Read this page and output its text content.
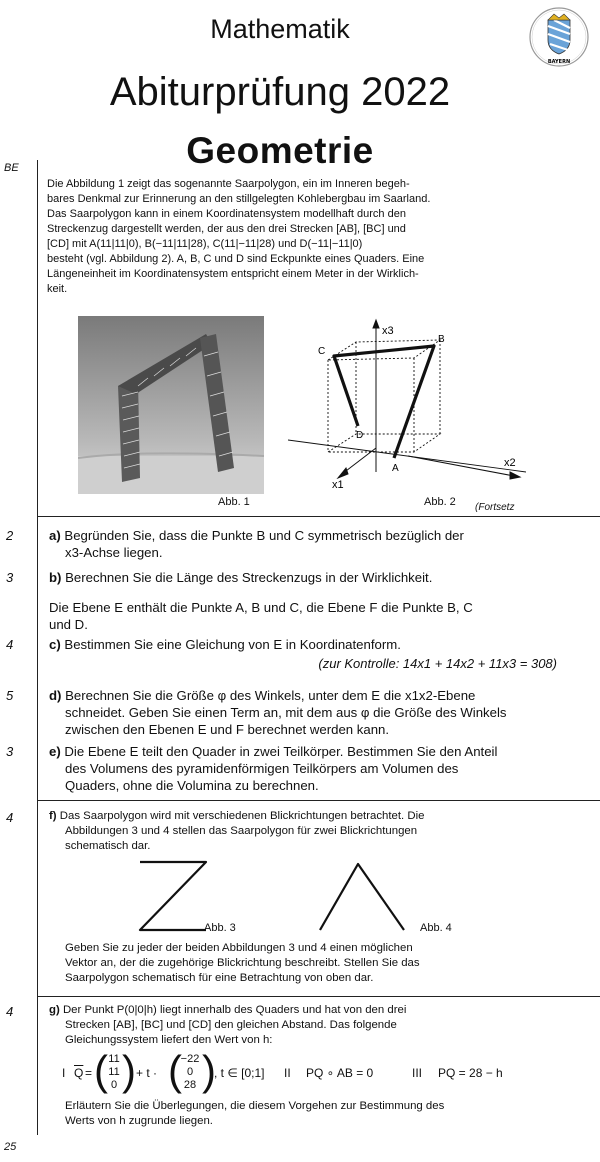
Mathematik
Abiturprüfung 2022
Geometrie
BAYERN
BE
Die Abbildung 1 zeigt das sogenannte Saarpolygon, ein im Inneren begeh-
bares Denkmal zur Erinnerung an den stillgelegten Kohlebergbau im Saarland.
Das Saarpolygon kann in einem Koordinatensystem modellhaft durch den
Streckenzug dargestellt werden, der aus den drei Strecken [AB], [BC] und
[CD] mit A(11|11|0), B(−11|11|28), C(11|−11|28) und D(−11|−11|0)
besteht (vgl. Abbildung 2). A, B, C und D sind Eckpunkte eines Quaders. Eine
Längeneinheit im Koordinatensystem entspricht einem Meter in der Wirklich-
keit.
Abb. 1
x3
B
C
D
A	x2
x1
Abb. 2 (Fortsetz
2	a) Begründen Sie, dass die Punkte B und C symmetrisch bezüglich der
x3-Achse liegen.
3	b) Berechnen Sie die Länge des Streckenzugs in der Wirklichkeit.
Die Ebene E enthält die Punkte A, B und C, die Ebene F die Punkte B, C
und D.
4	c) Bestimmen Sie eine Gleichung von E in Koordinatenform.
(zur Kontrolle: 14x1 + 14x2 + 11x3 = 308)
5	d) Berechnen Sie die Größe φ des Winkels, unter dem E die x1x2-Ebene
schneidet. Geben Sie einen Term an, mit dem aus φ die Größe des Winkels
zwischen den Ebenen E und F berechnet werden kann.
3	e) Die Ebene E teilt den Quader in zwei Teilkörper. Bestimmen Sie den Anteil
des Volumens des pyramidenförmigen Teilkörpers am Volumen des
Quaders, ohne die Volumina zu berechnen.
4	f) Das Saarpolygon wird mit verschiedenen Blickrichtungen betrachtet. Die
Abbildungen 3 und 4 stellen das Saarpolygon für zwei Blickrichtungen
schematisch dar.
Abb. 3	Abb. 4
Geben Sie zu jeder der beiden Abbildungen 3 und 4 einen möglichen
Vektor an, der die zugehörige Blickrichtung beschreibt. Stellen Sie das
Saarpolygon schematisch für eine Betrachtung von oben dar.
4	g) Der Punkt P(0|0|h) liegt innerhalb des Quaders und hat von den drei
Strecken [AB], [BC] und [CD] den gleichen Abstand. Das folgende
Gleichungssystem liefert den Wert von h:
I $\overline{Q}$ = ( 11
11
0 ) + t · (
−22
0
28 )
, t ∈ [0;1] II PQ ∘ AB = 0	III PQ = 28 − h
Erläutern Sie die Überlegungen, die diesem Vorgehen zur Bestimmung des
Werts von h zugrunde liegen.
25
